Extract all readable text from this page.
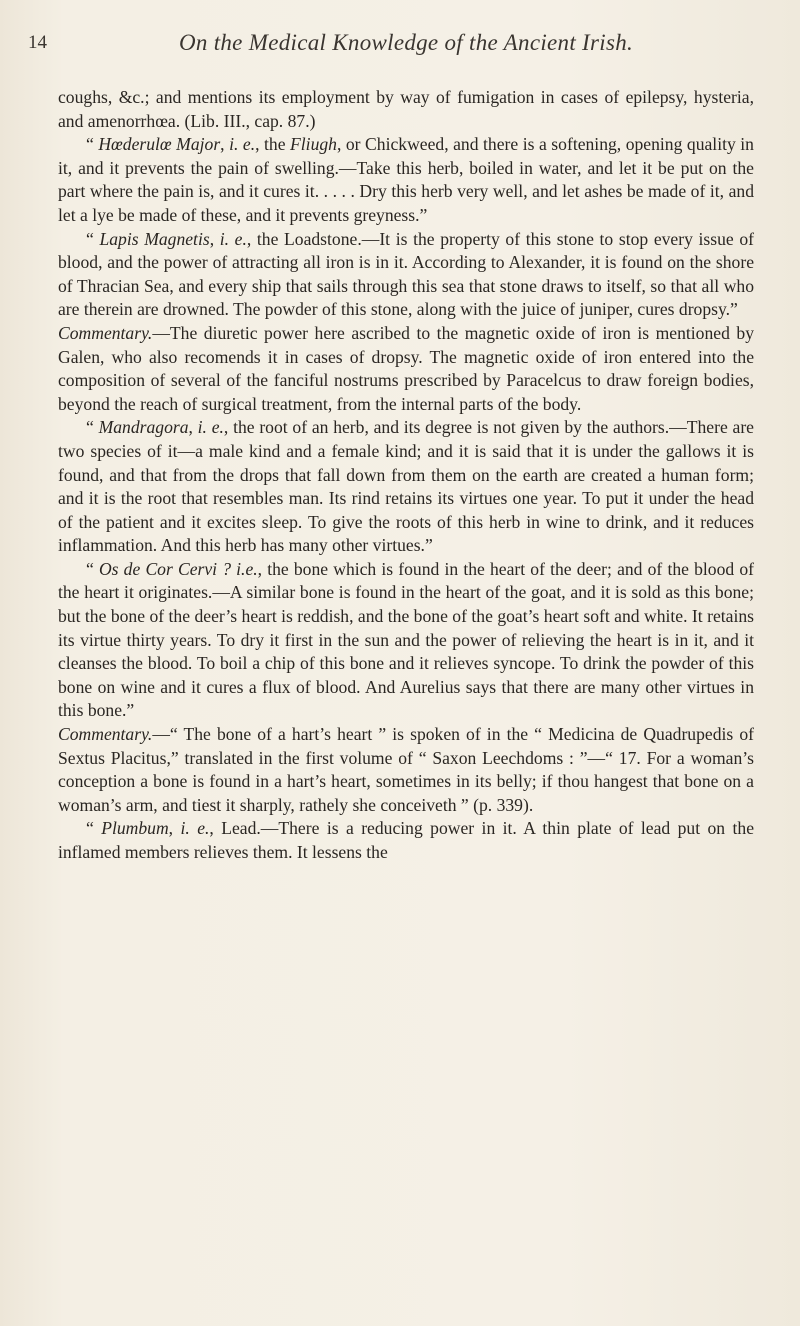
14	On the Medical Knowledge of the Ancient Irish.

coughs, &c.; and mentions its employment by way of fumigation in cases of epilepsy, hysteria, and amenorrhœa. (Lib. III., cap. 87.)

“ Hœderulœ Major, i. e., the Fliugh, or Chickweed, and there is a softening, opening quality in it, and it prevents the pain of swelling.—Take this herb, boiled in water, and let it be put on the part where the pain is, and it cures it. . . . . Dry this herb very well, and let ashes be made of it, and let a lye be made of these, and it prevents greyness.”

“ Lapis Magnetis, i. e., the Loadstone.—It is the property of this stone to stop every issue of blood, and the power of attracting all iron is in it. According to Alexander, it is found on the shore of Thracian Sea, and every ship that sails through this sea that stone draws to itself, so that all who are therein are drowned. The powder of this stone, along with the juice of juniper, cures dropsy.”

Commentary.—The diuretic power here ascribed to the magnetic oxide of iron is mentioned by Galen, who also recomends it in cases of dropsy. The magnetic oxide of iron entered into the composition of several of the fanciful nostrums prescribed by Paracelcus to draw foreign bodies, beyond the reach of surgical treatment, from the internal parts of the body.

“ Mandragora, i. e., the root of an herb, and its degree is not given by the authors.—There are two species of it—a male kind and a female kind; and it is said that it is under the gallows it is found, and that from the drops that fall down from them on the earth are created a human form; and it is the root that resembles man. Its rind retains its virtues one year. To put it under the head of the patient and it excites sleep. To give the roots of this herb in wine to drink, and it reduces inflammation. And this herb has many other virtues.”

“ Os de Cor Cervi ? i.e., the bone which is found in the heart of the deer; and of the blood of the heart it originates.—A similar bone is found in the heart of the goat, and it is sold as this bone; but the bone of the deer’s heart is reddish, and the bone of the goat’s heart soft and white. It retains its virtue thirty years. To dry it first in the sun and the power of relieving the heart is in it, and it cleanses the blood. To boil a chip of this bone and it relieves syncope. To drink the powder of this bone on wine and it cures a flux of blood. And Aurelius says that there are many other virtues in this bone.”

Commentary.—“ The bone of a hart’s heart ” is spoken of in the “ Medicina de Quadrupedis of Sextus Placitus,” translated in the first volume of “ Saxon Leechdoms : ”—“ 17. For a woman’s conception a bone is found in a hart’s heart, sometimes in its belly; if thou hangest that bone on a woman’s arm, and tiest it sharply, rathely she conceiveth ” (p. 339).

“ Plumbum, i. e., Lead.—There is a reducing power in it. A thin plate of lead put on the inflamed members relieves them. It lessens the
